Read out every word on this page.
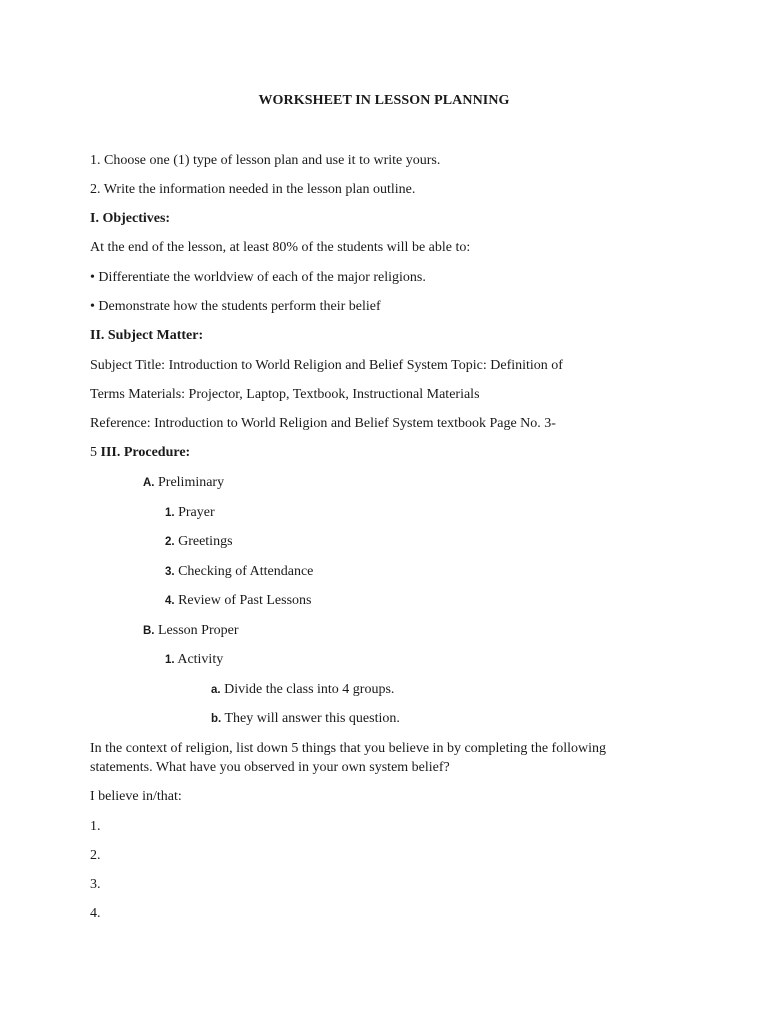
WORKSHEET IN LESSON PLANNING
1. Choose one (1) type of lesson plan and use it to write yours.
2. Write the information needed in the lesson plan outline.
I. Objectives:
At the end of the lesson, at least 80% of the students will be able to:
• Differentiate the worldview of each of the major religions.
• Demonstrate how the students perform their belief
II. Subject Matter:
Subject Title: Introduction to World Religion and Belief System Topic: Definition of
Terms Materials: Projector, Laptop, Textbook, Instructional Materials
Reference: Introduction to World Religion and Belief System textbook Page No. 3-
5 III. Procedure:
A. Preliminary
1. Prayer
2. Greetings
3. Checking of Attendance
4. Review of Past Lessons
B. Lesson Proper
1. Activity
a. Divide the class into 4 groups.
b. They will answer this question.
In the context of religion, list down 5 things that you believe in by completing the following statements. What have you observed in your own system belief?
I believe in/that:
1.
2.
3.
4.
